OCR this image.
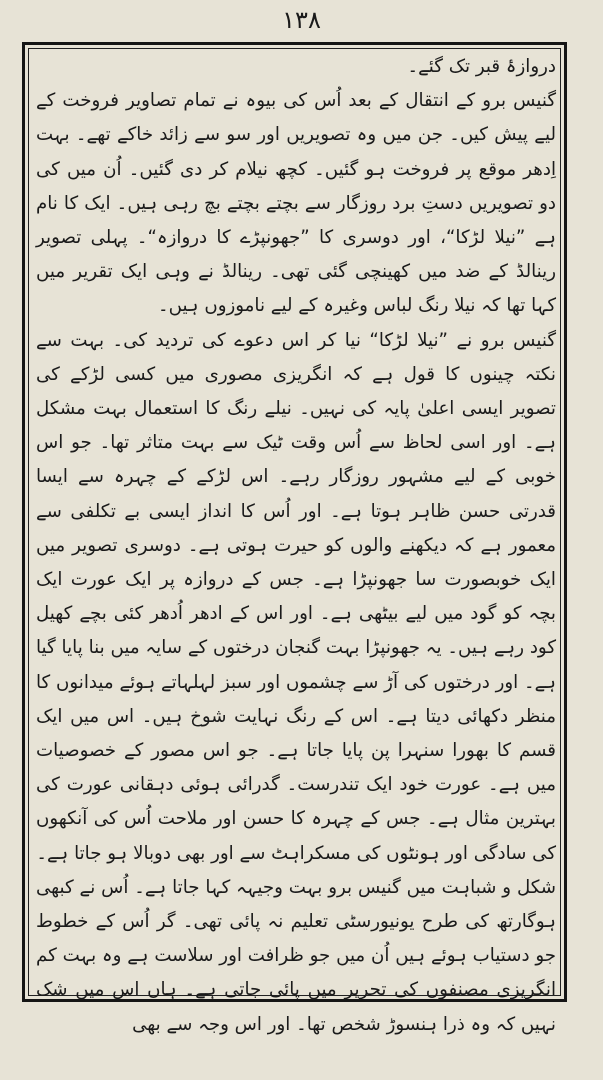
۱۳۸

دروازۂ قبر تک گئے۔

گنیس برو کے انتقال کے بعد اُس کی بیوہ نے تمام تصاویر فروخت کے لیے پیش کیں۔ جن میں وہ تصویریں اور سو سے زائد خاکے تھے۔ بہت اِدھر موقع پر فروخت ہو گئیں۔ کچھ نیلام کر دی گئیں۔ اُن میں کی دو تصویریں دستِ برد روزگار سے بچتے بچتے بچ رہی ہیں۔ ایک کا نام ہے ”نیلا لڑکا“، اور دوسری کا ”جھونپڑے کا دروازہ“۔ پہلی تصویر رینالڈ کے ضد میں کھینچی گئی تھی۔ رینالڈ نے وہی ایک تقریر میں کہا تھا کہ نیلا رنگ لباس وغیرہ کے لیے ناموزوں ہیں۔

گنیس برو نے ”نیلا لڑکا“ نیا کر اس دعوے کی تردید کی۔ بہت سے نکتہ چینوں کا قول ہے کہ انگریزی مصوری میں کسی لڑکے کی تصویر ایسی اعلیٰ پایہ کی نہیں۔ نیلے رنگ کا استعمال بہت مشکل ہے۔ اور اسی لحاظ سے اُس وقت ٹیک سے بہت متاثر تھا۔ جو اس خوبی کے لیے مشہور روزگار رہے۔ اس لڑکے کے چہرہ سے ایسا قدرتی حسن ظاہر ہوتا ہے۔ اور اُس کا انداز ایسی بے تکلفی سے معمور ہے کہ دیکھنے والوں کو حیرت ہوتی ہے۔ دوسری تصویر میں ایک خوبصورت سا جھونپڑا ہے۔ جس کے دروازہ پر ایک عورت ایک بچہ کو گود میں لیے بیٹھی ہے۔ اور اس کے ادھر اُدھر کئی بچے کھیل کود رہے ہیں۔ یہ جھونپڑا بہت گنجان درختوں کے سایہ میں بنا پایا گیا ہے۔ اور درختوں کی آڑ سے چشموں اور سبز لہلہاتے ہوئے میدانوں کا منظر دکھائی دیتا ہے۔ اس کے رنگ نہایت شوخ ہیں۔ اس میں ایک قسم کا بھورا سنہرا پن پایا جاتا ہے۔ جو اس مصور کے خصوصیات میں ہے۔ عورت خود ایک تندرست۔ گدرائی ہوئی دہقانی عورت کی بہترین مثال ہے۔ جس کے چہرہ کا حسن اور ملاحت اُس کی آنکھوں کی سادگی اور ہونٹوں کی مسکراہٹ سے اور بھی دوبالا ہو جاتا ہے۔

شکل و شباہت میں گنیس برو بہت وجیہہ کہا جاتا ہے۔ اُس نے کبھی ہوگارتھ کی طرح یونیورسٹی تعلیم نہ پائی تھی۔ گر اُس کے خطوط جو دستیاب ہوئے ہیں اُن میں جو ظرافت اور سلاست ہے وہ بہت کم انگریزی مصنفوں کی تحریر میں پائی جاتی ہے۔ ہاں اس میں شک نہیں کہ وہ ذرا ہنسوڑ شخص تھا۔ اور اس وجہ سے بھی
